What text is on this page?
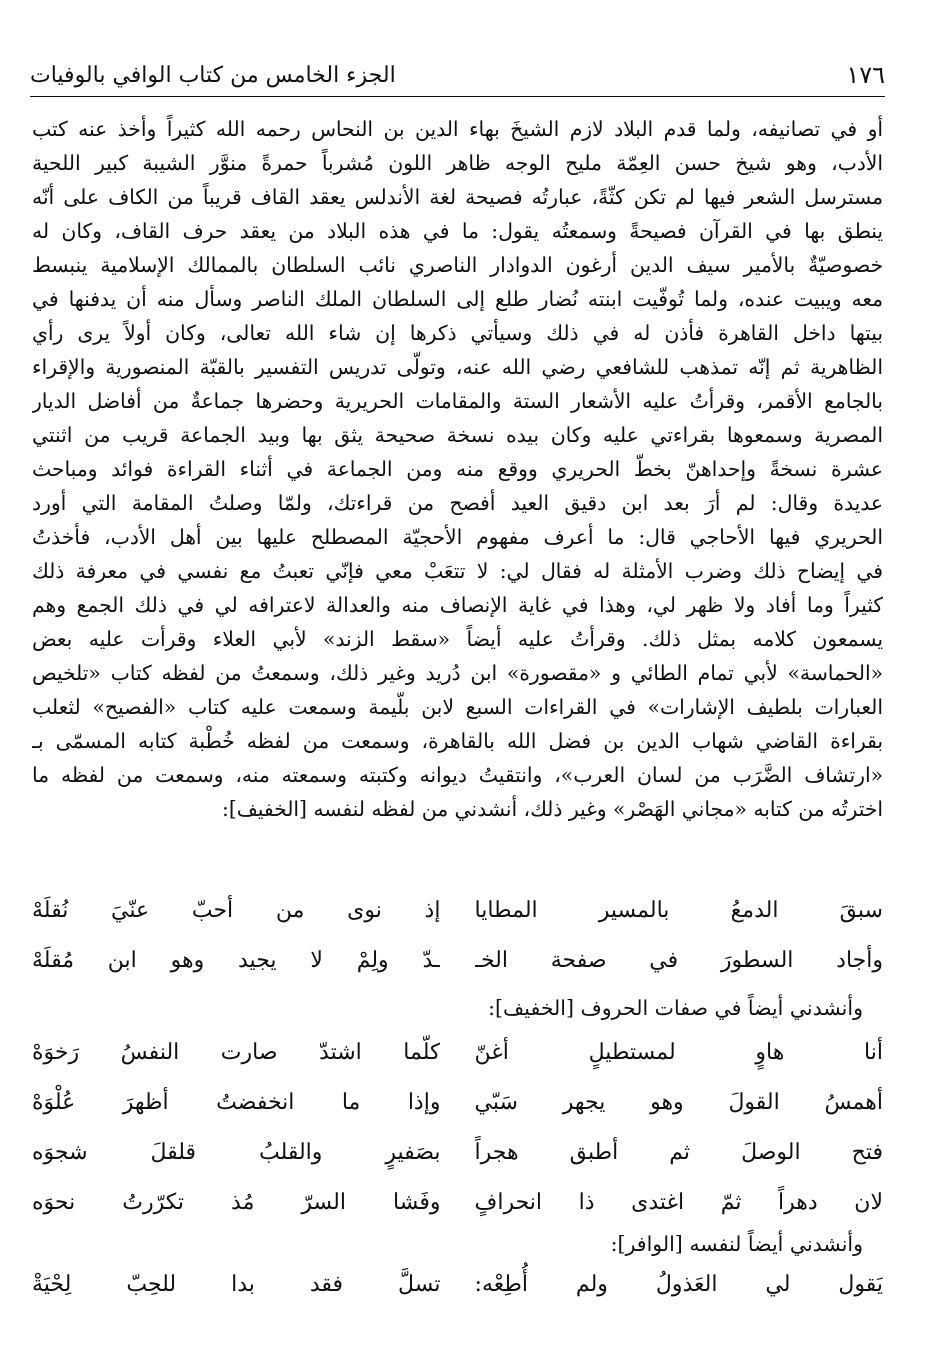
١٧٦
الجزء الخامس من كتاب الوافي بالوفيات
أو في تصانيفه، ولما قدم البلاد لازم الشيخَ بهاء الدين بن النحاس رحمه الله كثيراً وأخذ عنه كتب
الأدب، وهو شيخ حسن العِمّة مليح الوجه ظاهر اللون مُشرباً حمرةً منوَّر الشيبة كبير اللحية
مسترسل الشعر فيها لم تكن كثّةً، عبارتُه فصيحة لغة الأندلس يعقد القاف قريباً من الكاف على أنّه
ينطق بها في القرآن فصيحةً وسمعتُه يقول: ما في هذه البلاد من يعقد حرف القاف، وكان له
خصوصيّةٌ بالأمير سيف الدين أرغون الدوادار الناصري نائب السلطان بالممالك الإسلامية ينبسط
معه ويبيت عنده، ولما تُوفّيت ابنته نُضار طلع إلى السلطان الملك الناصر وسأل منه أن يدفنها في
بيتها داخل القاهرة فأذن له في ذلك وسيأتي ذكرها إن شاء الله تعالى، وكان أولاً يرى رأي
الظاهرية ثم إنّه تمذهب للشافعي رضي الله عنه، وتولّى تدريس التفسير بالقبّة المنصورية والإقراء
بالجامع الأقمر، وقرأتُ عليه الأشعار الستة والمقامات الحريرية وحضرها جماعةٌ من أفاضل الديار
المصرية وسمعوها بقراءتي عليه وكان بيده نسخة صحيحة يثق بها وبيد الجماعة قريب من اثنتي
عشرة نسخةً وإحداهنّ بخطّ الحريري ووقع منه ومن الجماعة في أثناء القراءة فوائد ومباحث
عديدة وقال: لم أرَ بعد ابن دقيق العيد أفصح من قراءتك، ولمّا وصلتُ المقامة التي أورد
الحريري فيها الأحاجي قال: ما أعرف مفهوم الأحجيّة المصطلح عليها بين أهل الأدب، فأخذتُ
في إيضاح ذلك وضرب الأمثلة له فقال لي: لا تتعَبْ معي فإنّي تعبتُ مع نفسي في معرفة ذلك
كثيراً وما أفاد ولا ظهر لي، وهذا في غاية الإنصاف منه والعدالة لاعترافه لي في ذلك الجمع وهم
يسمعون كلامه بمثل ذلك. وقرأتُ عليه أيضاً «سقط الزند» لأبي العلاء وقرأت عليه بعض
«الحماسة» لأبي تمام الطائي و «مقصورة» ابن دُريد وغير ذلك، وسمعتُ من لفظه كتاب «تلخيص
العبارات بلطيف الإشارات» في القراءات السبع لابن بلّيمة وسمعت عليه كتاب «الفصيح» لثعلب
بقراءة القاضي شهاب الدين بن فضل الله بالقاهرة، وسمعت من لفظه خُطْبة كتابه المسمّى بـ
«ارتشاف الضَّرَب من لسان العرب»، وانتقيتُ ديوانه وكتبته وسمعته منه، وسمعت من لفظه ما
اخترتُه من كتابه «مجاني الهَصْر» وغير ذلك، أنشدني من لفظه لنفسه [الخفيف]:
سبقَ الدمعُ بالمسير المطايا
إذ نوى من أحبّ عنّيَ نُقلَهْ
وأجاد السطورَ في صفحة الخـ
ـدّ ولِمْ لا يجيد وهو ابن مُقلَهْ
وأنشدني أيضاً في صفات الحروف [الخفيف]:
أنا هاوٍ لمستطيلٍ أغنّ
كلّما اشتدّ صارت النفسُ رَخوَهْ
أهمسُ القولَ وهو يجهر سَبّي
وإذا ما انخفضتُ أظهرَ عُلْوَهْ
فتح الوصلَ ثم أطبق هجراً
بصَفيرٍ والقلبُ قلقلَ شجوَه
لان دهراً ثمّ اغتدى ذا انحرافٍ
وفَشا السرّ مُذ تكرّرتُ نحوَه
وأنشدني أيضاً لنفسه [الوافر]:
يَقول لي العَذولُ ولم أُطِعْه:
تسلَّ فقد بدا للحِبّ لِحْيَةْ
